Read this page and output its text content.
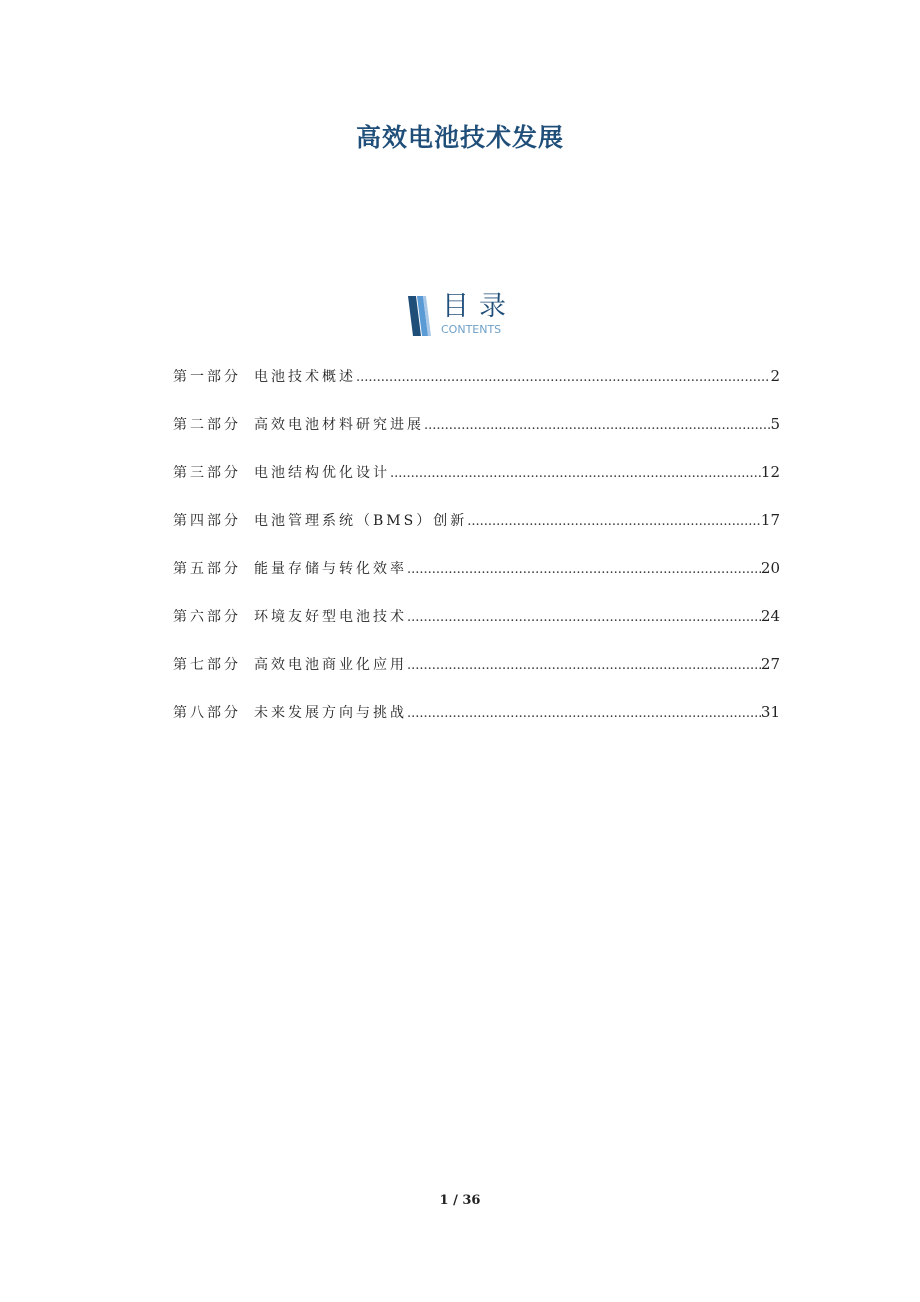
高效电池技术发展
目录
CONTENTS
第一部分 电池技术概述 .....	2
第二部分 高效电池材料研究进展 .....	5
第三部分 电池结构优化设计 .....	12
第四部分 电池管理系统（BMS）创新 .....	17
第五部分 能量存储与转化效率 .....	20
第六部分 环境友好型电池技术 .....	24
第七部分 高效电池商业化应用 .....	27
第八部分 未来发展方向与挑战 .....	31
1 / 36
